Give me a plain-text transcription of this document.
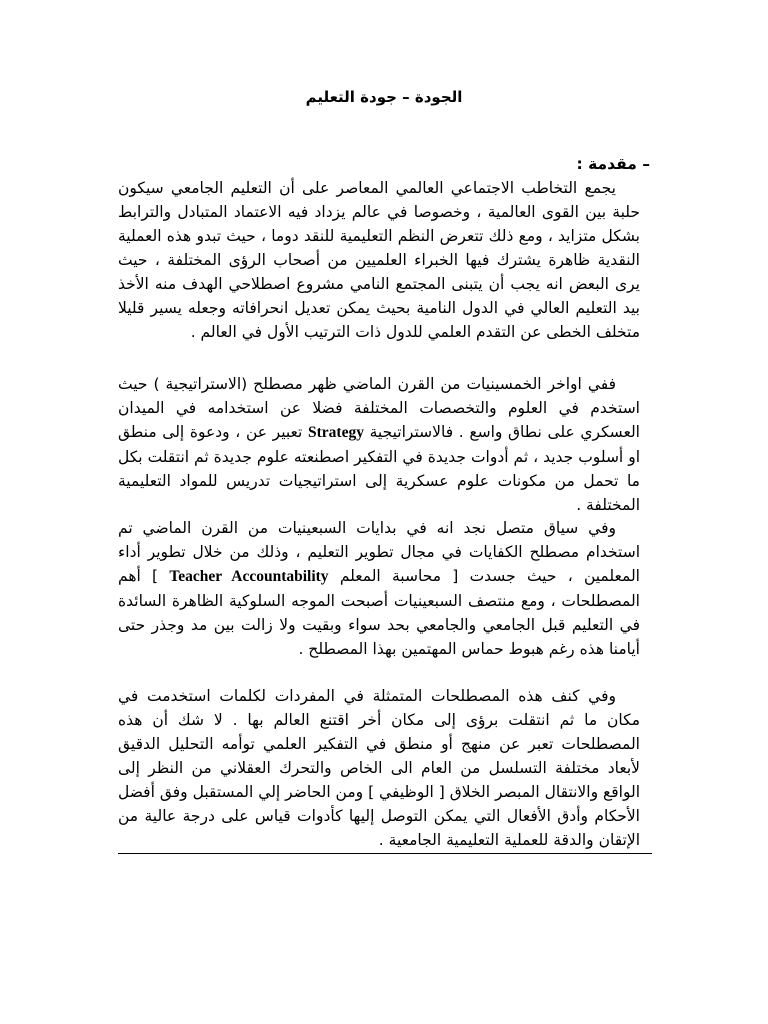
الجودة – جودة التعليم
– مقدمة :
يجمع التخاطب الاجتماعي العالمي المعاصر على أن التعليم الجامعي سيكون حلبة بين القوى العالمية ، وخصوصا في عالم يزداد فيه الاعتماد المتبادل والترابط بشكل متزايد ، ومع ذلك تتعرض النظم التعليمية للنقد دوما ، حيث تبدو هذه العملية النقدية ظاهرة يشترك فيها الخبراء العلميين من أصحاب الرؤى المختلفة ، حيث يرى البعض انه يجب أن يتبنى المجتمع النامي مشروع اصطلاحي الهدف منه الأخذ بيد التعليم العالي في الدول النامية بحيث يمكن تعديل انحرافاته وجعله يسير قليلا متخلف الخطى عن التقدم العلمي للدول ذات الترتيب الأول في العالم .
ففي اواخر الخمسينيات من القرن الماضي ظهر مصطلح (الاستراتيجية ) حيث استخدم في العلوم والتخصصات المختلفة فضلا عن استخدامه في الميدان العسكري على نطاق واسع . فالاستراتيجية Strategy تعبير عن ، ودعوة إلى منطق او أسلوب جديد ، ثم أدوات جديدة في التفكير اصطنعته علوم جديدة ثم انتقلت بكل ما تحمل من مكونات علوم عسكرية إلى استراتيجيات تدريس للمواد التعليمية المختلفة .
وفي سياق متصل نجد انه في بدايات السبعينيات من القرن الماضي تم استخدام مصطلح الكفايات في مجال تطوير التعليم ، وذلك من خلال تطوير أداء المعلمين ، حيث جسدت [ محاسبة المعلم Teacher Accountability ] أهم المصطلحات ، ومع منتصف السبعينيات أصبحت الموجه السلوكية الظاهرة السائدة في التعليم قبل الجامعي والجامعي بحد سواء وبقيت ولا زالت بين مد وجذر حتى أيامنا هذه رغم هبوط حماس المهتمين بهذا المصطلح .
وفي كنف هذه المصطلحات المتمثلة في المفردات لكلمات استخدمت في مكان ما ثم انتقلت برؤى إلى مكان أخر اقتنع العالم بها . لا شك أن هذه المصطلحات تعبر عن منهج أو منطق في التفكير العلمي توأمه التحليل الدقيق لأبعاد مختلفة التسلسل من العام الى الخاص والتحرك العقلاني من النظر إلى الواقع والانتقال المبصر الخلاق [ الوظيفي ] ومن الحاضر إلي المستقبل وفق أفضل الأحكام وأدق الأفعال التي يمكن التوصل إليها كأدوات قياس على درجة عالية من الإتقان والدقة للعملية التعليمية الجامعية .
